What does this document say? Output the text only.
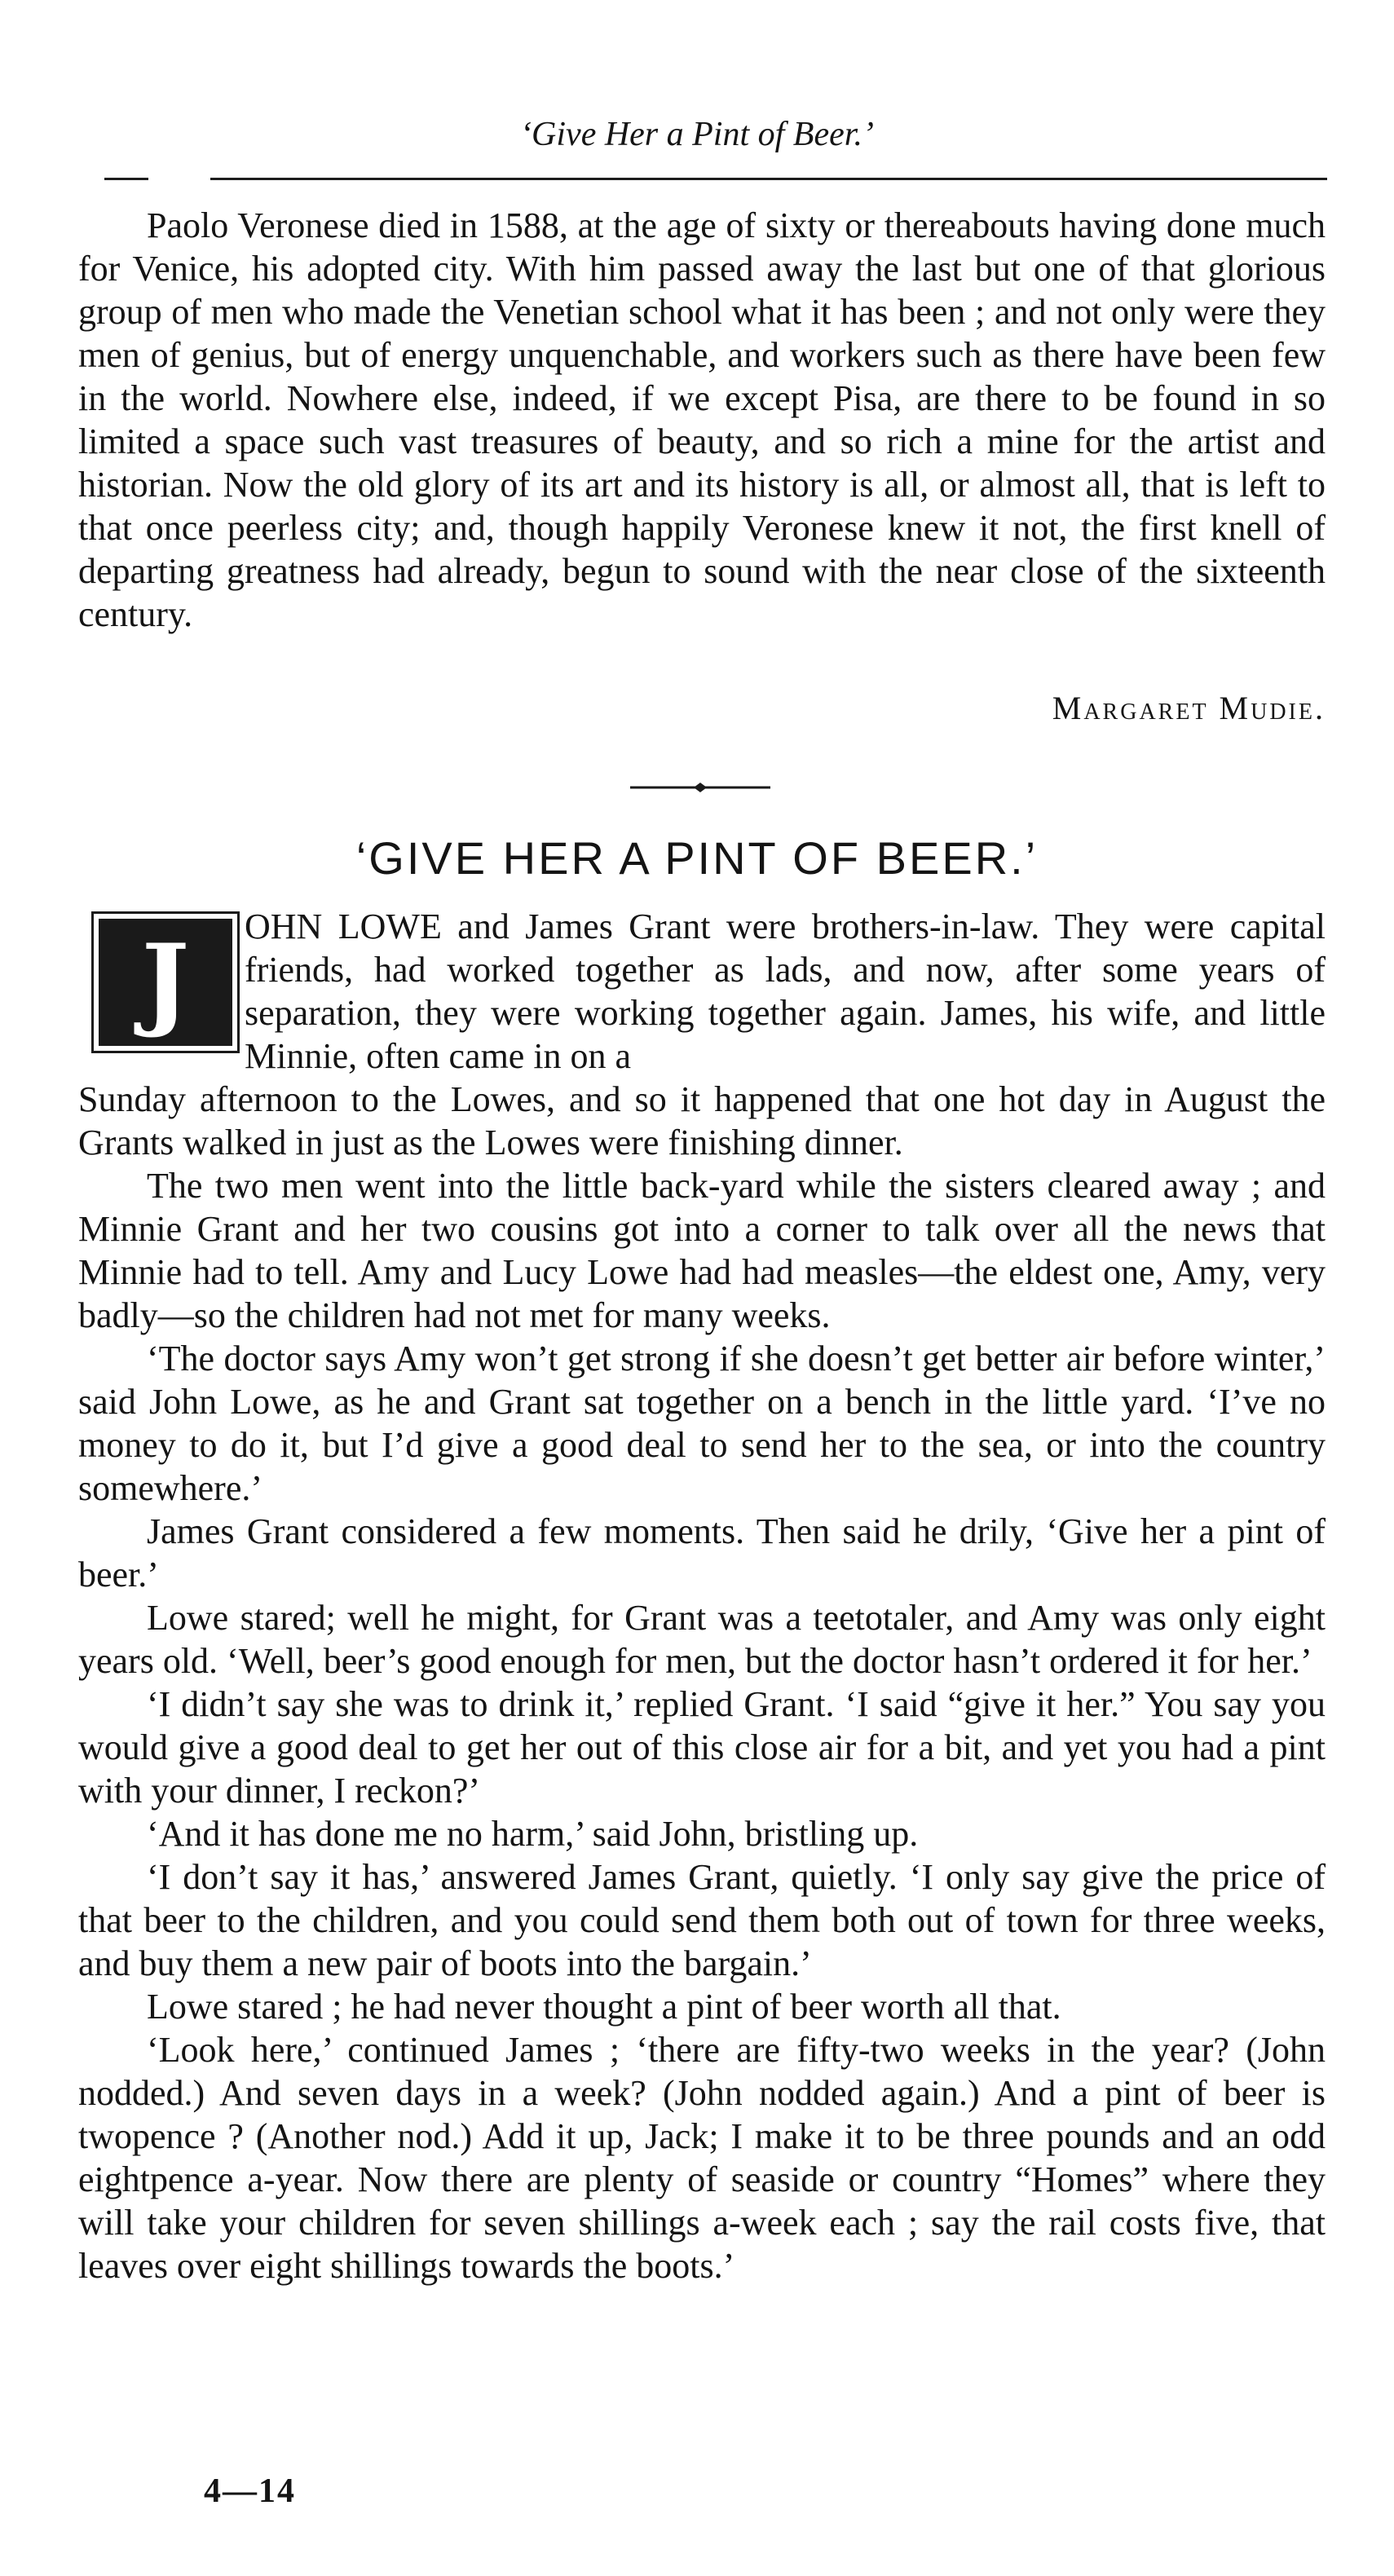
‘Give Her a Pint of Beer.’

Paolo Veronese died in 1588, at the age of sixty or thereabouts having done much for Venice, his adopted city. With him passed away the last but one of that glorious group of men who made the Venetian school what it has been ; and not only were they men of genius, but of energy unquenchable, and workers such as there have been few in the world. Nowhere else, indeed, if we except Pisa, are there to be found in so limited a space such vast treasures of beauty, and so rich a mine for the artist and historian. Now the old glory of its art and its history is all, or almost all, that is left to that once peerless city; and, though happily Veronese knew it not, the first knell of departing greatness had already, begun to sound with the near close of the sixteenth century.

Margaret Mudie.
‘GIVE HER A PINT OF BEER.’
J	OHN LOWE and James Grant were brothers-in-law. They were capital friends, had worked together as lads, and now, after some years of separation, they were working together again. James, his wife, and little Minnie, often came in on a

Sunday afternoon to the Lowes, and so it happened that one hot day in August the Grants walked in just as the Lowes were finishing dinner.

The two men went into the little back-yard while the sisters cleared away ; and Minnie Grant and her two cousins got into a corner to talk over all the news that Minnie had to tell. Amy and Lucy Lowe had had measles—the eldest one, Amy, very badly—so the children had not met for many weeks.

‘The doctor says Amy won’t get strong if she doesn’t get better air before winter,’ said John Lowe, as he and Grant sat together on a bench in the little yard. ‘I’ve no money to do it, but I’d give a good deal to send her to the sea, or into the country somewhere.’

James Grant considered a few moments. Then said he drily, ‘Give her a pint of beer.’

Lowe stared; well he might, for Grant was a teetotaler, and Amy was only eight years old. ‘Well, beer’s good enough for men, but the doctor hasn’t ordered it for her.’

‘I didn’t say she was to drink it,’ replied Grant. ‘I said “give it her.” You say you would give a good deal to get her out of this close air for a bit, and yet you had a pint with your dinner, I reckon?’

‘And it has done me no harm,’ said John, bristling up.

‘I don’t say it has,’ answered James Grant, quietly. ‘I only say give the price of that beer to the children, and you could send them both out of town for three weeks, and buy them a new pair of boots into the bargain.’

Lowe stared ; he had never thought a pint of beer worth all that.

‘Look here,’ continued James ; ‘there are fifty-two weeks in the year? (John nodded.) And seven days in a week? (John nodded again.) And a pint of beer is twopence ? (Another nod.) Add it up, Jack; I make it to be three pounds and an odd eightpence a-year. Now there are plenty of seaside or country “Homes” where they will take your children for seven shillings a-week each ; say the rail costs five, that leaves over eight shillings towards the boots.’

4—14
